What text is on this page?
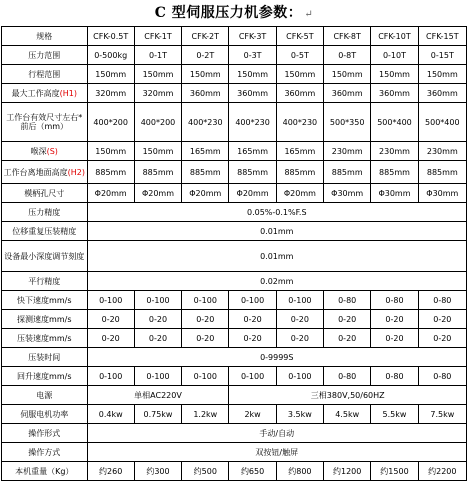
C 型伺服压力机参数： ↵
规格	CFK-0.5T	CFK-1T	CFK-2T	CFK-3T	CFK-5T	CFK-8T	CFK-10T	CFK-15T
压力范围	0-500kg	0-1T	0-2T	0-3T	0-5T	0-8T	0-10T	0-15T
行程范围	150mm	150mm	150mm	150mm	150mm	150mm	150mm	150mm
最大工作高度(H1)	320mm	320mm	360mm	360mm	360mm	360mm	360mm	360mm
工作台有效尺寸左右*前后（mm）	400*200	400*200	400*230	400*230	400*230	500*350	500*400	500*400
喉深(S)	150mm	150mm	165mm	165mm	165mm	230mm	230mm	230mm
工作台离地面高度(H2)	885mm	885mm	885mm	885mm	885mm	885mm	885mm	885mm
模柄孔尺寸	Φ20mm	Φ20mm	Φ20mm	Φ20mm	Φ20mm	Φ30mm	Φ30mm	Φ30mm
压力精度	0.05%-0.1%F.S							
位移重复压装精度	0.01mm							
设备最小深度调节刻度	0.01mm							
平行精度	0.02mm							
快下速度mm/s	0-100	0-100	0-100	0-100	0-100	0-80	0-80	0-80
探测速度mm/s	0-20	0-20	0-20	0-20	0-20	0-20	0-20	0-20
压装速度mm/s	0-20	0-20	0-20	0-20	0-20	0-20	0-20	0-20
压装时间	0-9999S							
回升速度mm/s	0-100	0-100	0-100	0-100	0-100	0-80	0-80	0-80
电源	单相AC220V			三相380V,50/60HZ				
伺服电机功率	0.4kw	0.75kw	1.2kw	2kw	3.5kw	4.5kw	5.5kw	7.5kw
操作形式	手动/自动							
操作方式	双按钮/触屏							
本机重量（Kg）	约260	约300	约500	约650	约800	约1200	约1500	约2200
